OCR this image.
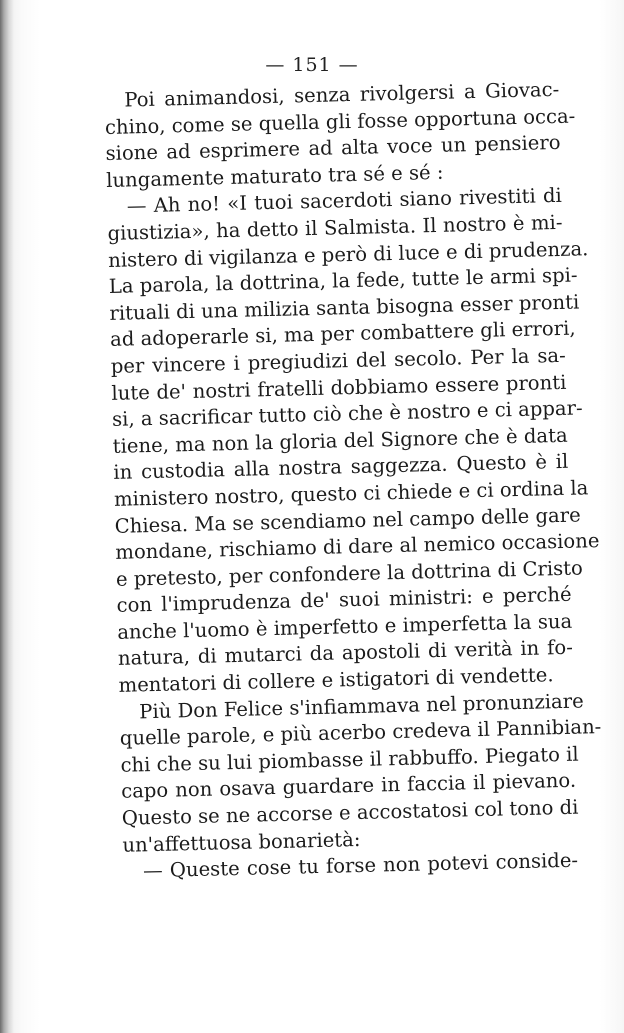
— 151 —
Poi animandosi, senza rivolgersi a Giovac-
chino, come se quella gli fosse opportuna occa-
sione ad esprimere ad alta voce un pensiero
lungamente maturato tra sé e sé :
— Ah no! «I tuoi sacerdoti siano rivestiti di
giustizia», ha detto il Salmista. Il nostro è mi-
nistero di vigilanza e però di luce e di prudenza.
La parola, la dottrina, la fede, tutte le armi spi-
rituali di una milizia santa bisogna esser pronti
ad adoperarle si, ma per combattere gli errori,
per vincere i pregiudizi del secolo. Per la sa-
lute de' nostri fratelli dobbiamo essere pronti
si, a sacrificar tutto ciò che è nostro e ci appar-
tiene, ma non la gloria del Signore che è data
in custodia alla nostra saggezza. Questo è il
ministero nostro, questo ci chiede e ci ordina la
Chiesa. Ma se scendiamo nel campo delle gare
mondane, rischiamo di dare al nemico occasione
e pretesto, per confondere la dottrina di Cristo
con l'imprudenza de' suoi ministri: e perché
anche l'uomo è imperfetto e imperfetta la sua
natura, di mutarci da apostoli di verità in fo-
mentatori di collere e istigatori di vendette.
Più Don Felice s'infiammava nel pronunziare
quelle parole, e più acerbo credeva il Pannibian-
chi che su lui piombasse il rabbuffo. Piegato il
capo non osava guardare in faccia il pievano.
Questo se ne accorse e accostatosi col tono di
un'affettuosa bonarietà:
— Queste cose tu forse non potevi conside-
